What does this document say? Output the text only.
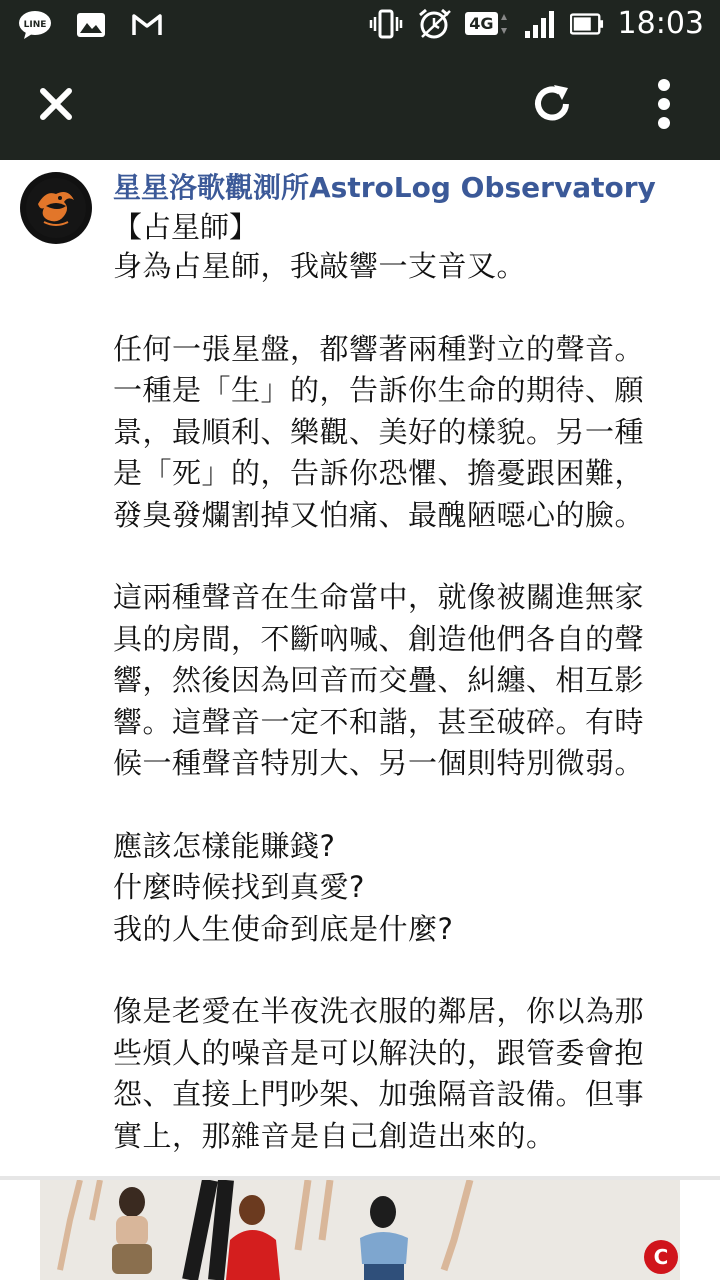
LINE	4G	18:03

星星洛歌觀測所AstroLog Observatory

【占星師】

身為占星師，我敲響一支音叉。

任何一張星盤，都響著兩種對立的聲音。

一種是「生」的，告訴你生命的期待、願

景，最順利、樂觀、美好的樣貌。另一種

是「死」的，告訴你恐懼、擔憂跟困難，

發臭發爛割掉又怕痛、最醜陋噁心的臉。

這兩種聲音在生命當中，就像被關進無家

具的房間，不斷吶喊、創造他們各自的聲

響，然後因為回音而交疊、糾纏、相互影

響。這聲音一定不和諧，甚至破碎。有時

候一種聲音特別大、另一個則特別微弱。

應該怎樣能賺錢?

什麼時候找到真愛?

我的人生使命到底是什麼?

像是老愛在半夜洗衣服的鄰居，你以為那

些煩人的噪音是可以解決的，跟管委會抱

怨、直接上門吵架、加強隔音設備。但事

實上，那雜音是自己創造出來的。

C
